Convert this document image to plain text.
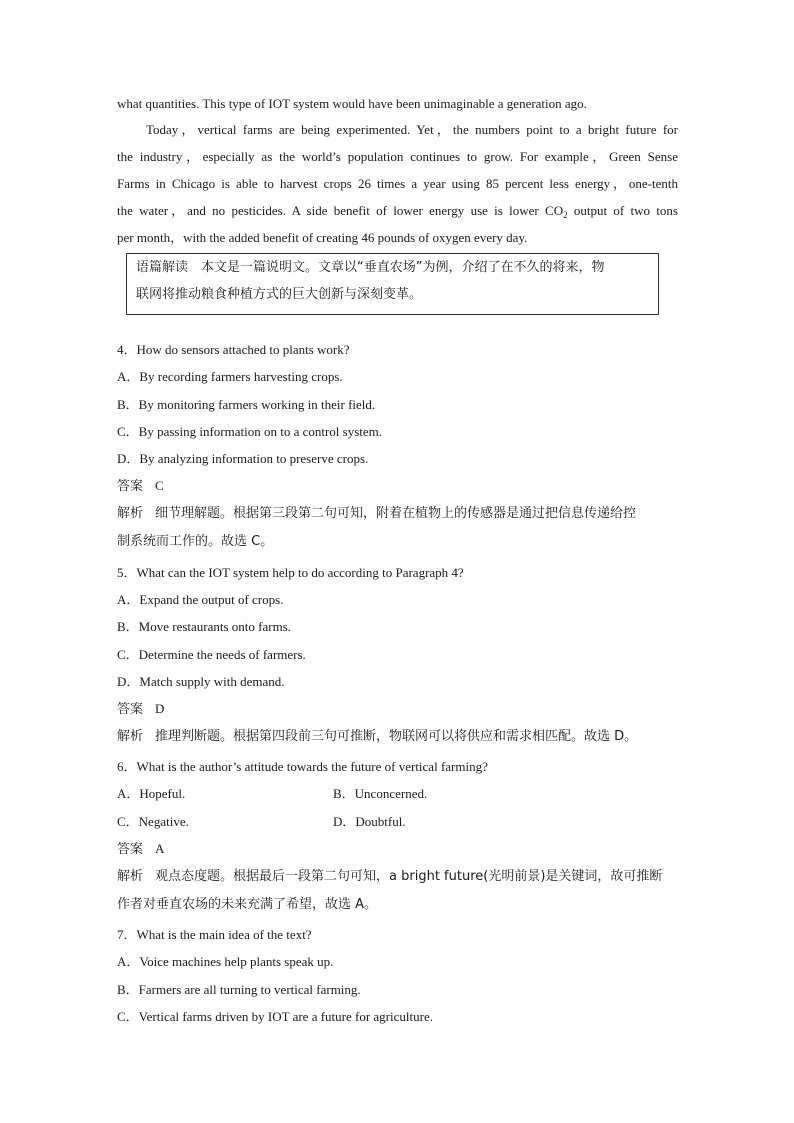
what quantities. This type of IOT system would have been unimaginable a generation ago.
Today，vertical farms are being experimented. Yet，the numbers point to a bright future for
the industry，especially as the world’s population continues to grow. For example，Green Sense
Farms in Chicago is able to harvest crops 26 times a year using 85 percent less energy，one-tenth
the water，and no pesticides. A side benefit of lower energy use is lower $CO_2$ output of two tons
per month，with the added benefit of creating 46 pounds of oxygen every day.
语篇解读　本文是一篇说明文。文章以“垂直农场”为例，介绍了在不久的将来，物
联网将推动粮食种植方式的巨大创新与深刻变革。
4．How do sensors attached to plants work?
A．By recording farmers harvesting crops.
B．By monitoring farmers working in their field.
C．By passing information on to a control system.
D．By analyzing information to preserve crops.
答案 C
解析 细节理解题。根据第三段第二句可知，附着在植物上的传感器是通过把信息传递给控
制系统而工作的。故选 C。
5．What can the IOT system help to do according to Paragraph 4?
A．Expand the output of crops.
B．Move restaurants onto farms.
C．Determine the needs of farmers.
D．Match supply with demand.
答案 D
解析 推理判断题。根据第四段前三句可推断，物联网可以将供应和需求相匹配。故选 D。
6．What is the author’s attitude towards the future of vertical farming?
A．Hopeful.	B．Unconcerned.
C．Negative.	D．Doubtful.
答案 A
解析 观点态度题。根据最后一段第二句可知，a bright future(光明前景)是关键词，故可推断
作者对垂直农场的未来充满了希望，故选 A。
7．What is the main idea of the text?
A．Voice machines help plants speak up.
B．Farmers are all turning to vertical farming.
C．Vertical farms driven by IOT are a future for agriculture.
